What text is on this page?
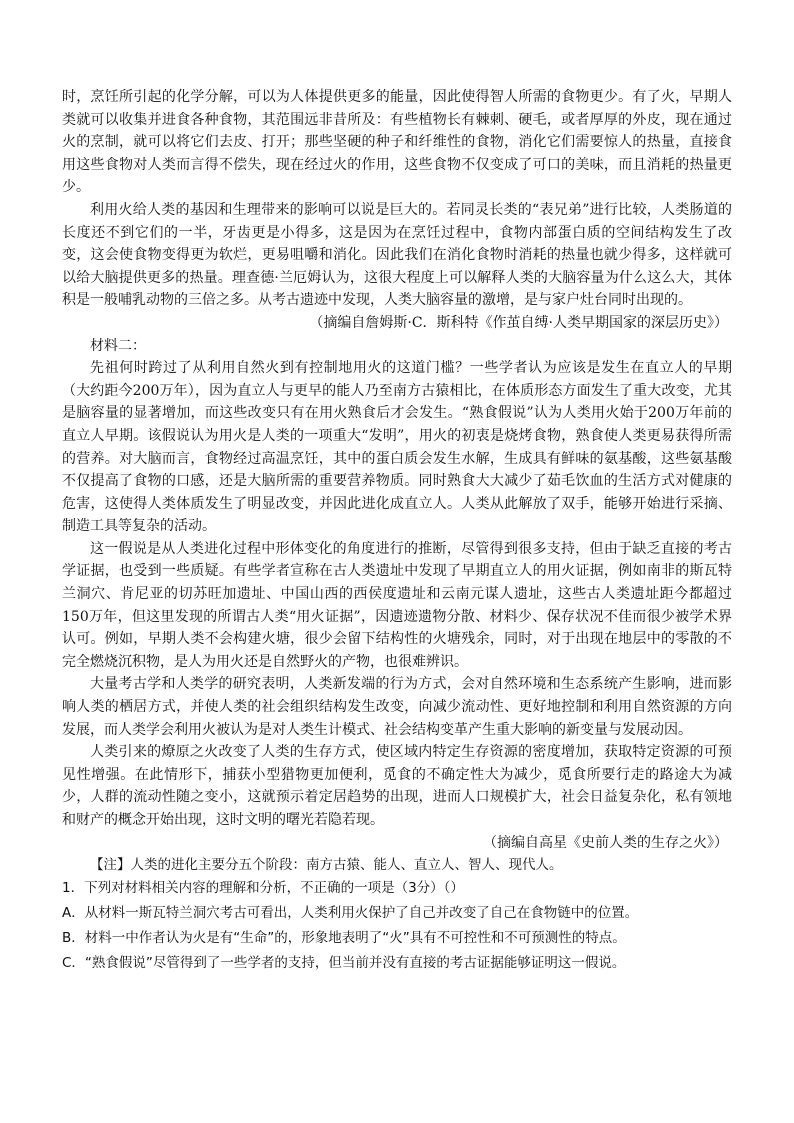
时，烹饪所引起的化学分解，可以为人体提供更多的能量，因此使得智人所需的食物更少。有了火，早期人类就可以收集并进食各种食物，其范围远非昔所及：有些植物长有棘刺、硬毛，或者厚厚的外皮，现在通过火的烹制，就可以将它们去皮、打开；那些坚硬的种子和纤维性的食物，消化它们需要惊人的热量，直接食用这些食物对人类而言得不偿失，现在经过火的作用，这些食物不仅变成了可口的美味，而且消耗的热量更少。

利用火给人类的基因和生理带来的影响可以说是巨大的。若同灵长类的“表兄弟”进行比较，人类肠道的长度还不到它们的一半，牙齿更是小得多，这是因为在烹饪过程中，食物内部蛋白质的空间结构发生了改变，这会使食物变得更为软烂，更易咀嚼和消化。因此我们在消化食物时消耗的热量也就少得多，这样就可以给大脑提供更多的热量。理查德·兰厄姆认为，这很大程度上可以解释人类的大脑容量为什么这么大，其体积是一般哺乳动物的三倍之多。从考古遗迹中发现，人类大脑容量的激增，是与家户灶台同时出现的。

（摘编自詹姆斯·C．斯科特《作茧自缚·人类早期国家的深层历史》）

材料二：

先祖何时跨过了从利用自然火到有控制地用火的这道门槛？一些学者认为应该是发生在直立人的早期（大约距今200万年），因为直立人与更早的能人乃至南方古猿相比，在体质形态方面发生了重大改变，尤其是脑容量的显著增加，而这些改变只有在用火熟食后才会发生。“熟食假说”认为人类用火始于200万年前的直立人早期。该假说认为用火是人类的一项重大“发明”，用火的初衷是烧烤食物，熟食使人类更易获得所需的营养。对大脑而言，食物经过高温烹饪，其中的蛋白质会发生水解，生成具有鲜味的氨基酸，这些氨基酸不仅提高了食物的口感，还是大脑所需的重要营养物质。同时熟食大大减少了茹毛饮血的生活方式对健康的危害，这使得人类体质发生了明显改变，并因此进化成直立人。人类从此解放了双手，能够开始进行采摘、制造工具等复杂的活动。

这一假说是从人类进化过程中形体变化的角度进行的推断，尽管得到很多支持，但由于缺乏直接的考古学证据，也受到一些质疑。有些学者宣称在古人类遗址中发现了早期直立人的用火证据，例如南非的斯瓦特兰洞穴、肯尼亚的切苏旺加遗址、中国山西的西侯度遗址和云南元谋人遗址，这些古人类遗址距今都超过150万年，但这里发现的所谓古人类“用火证据”，因遗迹遗物分散、材料少、保存状况不佳而很少被学术界认可。例如，早期人类不会构建火塘，很少会留下结构性的火塘残余，同时，对于出现在地层中的零散的不完全燃烧沉积物，是人为用火还是自然野火的产物，也很难辨识。

大量考古学和人类学的研究表明，人类新发端的行为方式，会对自然环境和生态系统产生影响，进而影响人类的栖居方式，并使人类的社会组织结构发生改变，向减少流动性、更好地控制和利用自然资源的方向发展，而人类学会利用火被认为是对人类生计模式、社会结构变革产生重大影响的新变量与发展动因。

人类引来的燎原之火改变了人类的生存方式，使区域内特定生存资源的密度增加，获取特定资源的可预见性增强。在此情形下，捕获小型猎物更加便利，觅食的不确定性大为减少，觅食所要行走的路途大为减少，人群的流动性随之变小，这就预示着定居趋势的出现，进而人口规模扩大，社会日益复杂化，私有领地和财产的概念开始出现，这时文明的曙光若隐若现。

（摘编自高星《史前人类的生存之火》）

【注】人类的进化主要分五个阶段：南方古猿、能人、直立人、智人、现代人。

1．下列对材料相关内容的理解和分析，不正确的一项是（3分）（）

A．从材料一斯瓦特兰洞穴考古可看出，人类利用火保护了自己并改变了自己在食物链中的位置。

B．材料一中作者认为火是有“生命”的，形象地表明了“火”具有不可控性和不可预测性的特点。

C．“熟食假说”尽管得到了一些学者的支持，但当前并没有直接的考古证据能够证明这一假说。
